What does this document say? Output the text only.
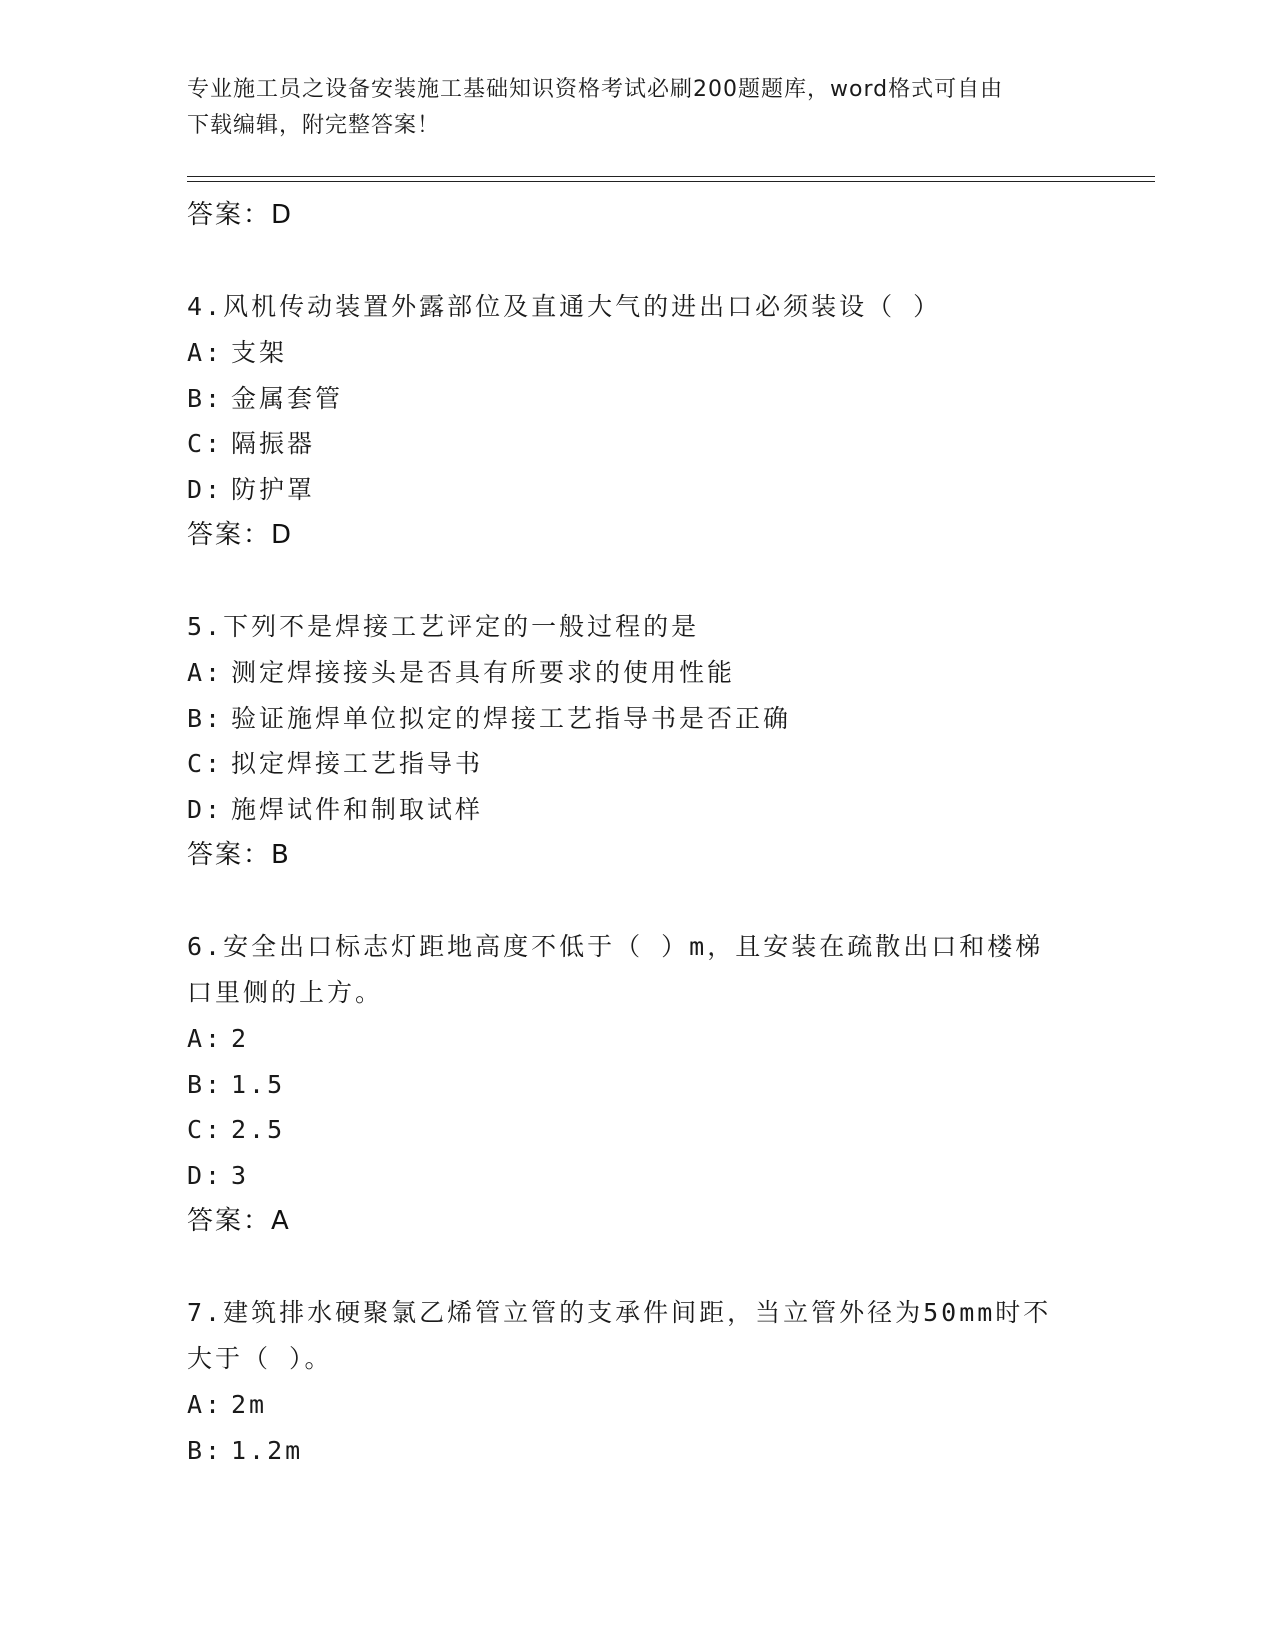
专业施工员之设备安装施工基础知识资格考试必刷200题题库，word格式可自由
下载编辑，附完整答案！
答案：D
4.风机传动装置外露部位及直通大气的进出口必须装设（ ）
A: 支架
B: 金属套管
C: 隔振器
D: 防护罩
答案：D
5.下列不是焊接工艺评定的一般过程的是
A: 测定焊接接头是否具有所要求的使用性能
B: 验证施焊单位拟定的焊接工艺指导书是否正确
C: 拟定焊接工艺指导书
D: 施焊试件和制取试样
答案：B
6.安全出口标志灯距地高度不低于（ ）m，且安装在疏散出口和楼梯
口里侧的上方。
A: 2
B: 1.5
C: 2.5
D: 3
答案：A
7.建筑排水硬聚氯乙烯管立管的支承件间距，当立管外径为50mm时不
大于（ ）。
A: 2m
B: 1.2m
